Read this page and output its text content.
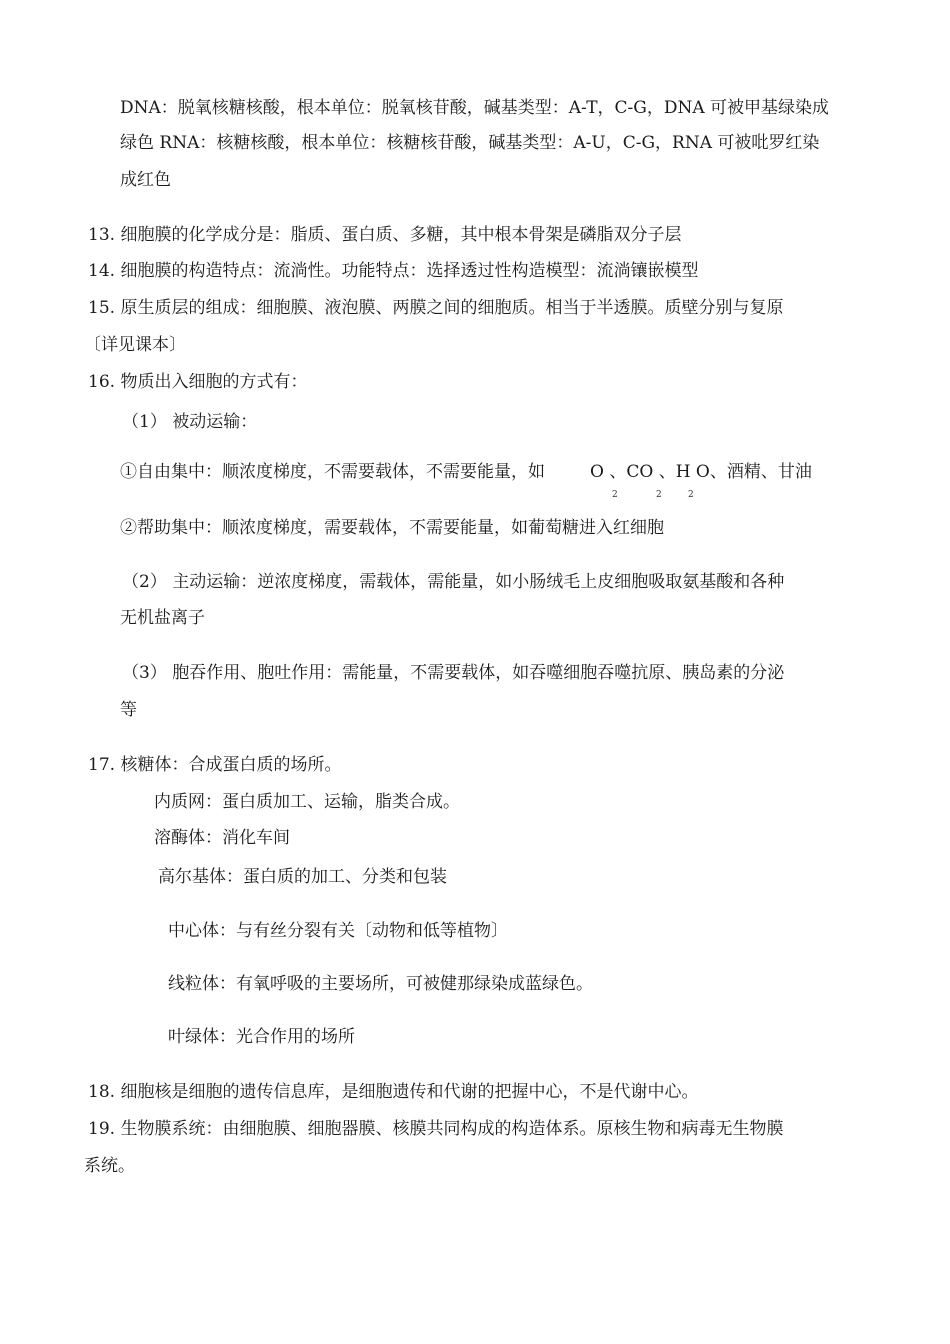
DNA：脱氧核糖核酸，根本单位：脱氧核苷酸，碱基类型：A-T，C-G，DNA 可被甲基绿染成
绿色 RNA：核糖核酸，根本单位：核糖核苷酸，碱基类型：A-U，C-G，RNA 可被吡罗红染
成红色
13. 细胞膜的化学成分是：脂质、蛋白质、多糖，其中根本骨架是磷脂双分子层
14. 细胞膜的构造特点：流淌性。功能特点：选择透过性构造模型：流淌镶嵌模型
15. 原生质层的组成：细胞膜、液泡膜、两膜之间的细胞质。相当于半透膜。质壁分别与复原
〔详见课本〕
16. 物质出入细胞的方式有：
（1） 被动运输：
①自由集中：顺浓度梯度，不需要载体，不需要能量，如	O 、CO 、H O、酒精、甘油
2	2	2
②帮助集中：顺浓度梯度，需要载体，不需要能量，如葡萄糖进入红细胞
（2） 主动运输：逆浓度梯度，需载体，需能量，如小肠绒毛上皮细胞吸取氨基酸和各种
无机盐离子
（3） 胞吞作用、胞吐作用：需能量，不需要载体，如吞噬细胞吞噬抗原、胰岛素的分泌
等
17. 核糖体：合成蛋白质的场所。
内质网：蛋白质加工、运输，脂类合成。
溶酶体：消化车间
高尔基体：蛋白质的加工、分类和包装
中心体：与有丝分裂有关〔动物和低等植物〕
线粒体：有氧呼吸的主要场所，可被健那绿染成蓝绿色。
叶绿体：光合作用的场所
18. 细胞核是细胞的遗传信息库，是细胞遗传和代谢的把握中心，不是代谢中心。
19. 生物膜系统：由细胞膜、细胞器膜、核膜共同构成的构造体系。原核生物和病毒无生物膜
系统。
